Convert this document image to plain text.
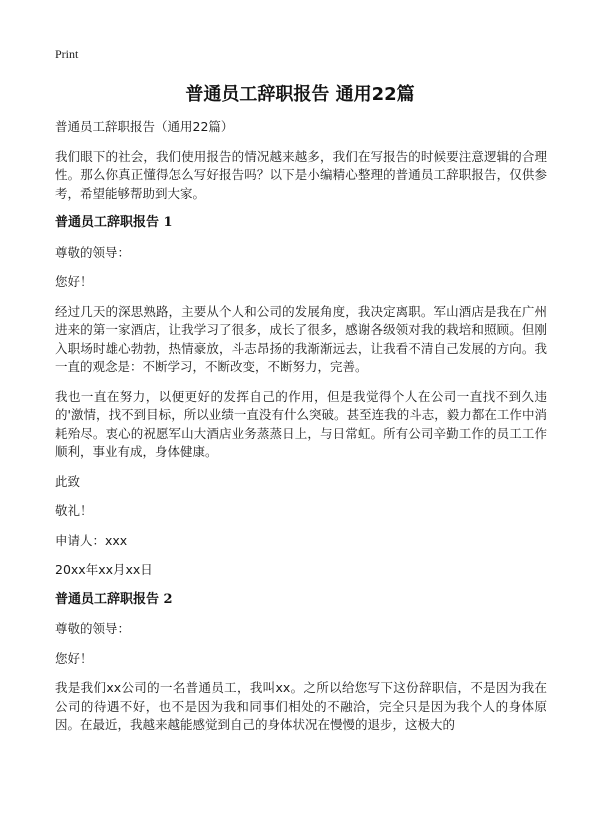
Print
普通员工辞职报告 通用22篇

普通员工辞职报告（通用22篇）

我们眼下的社会，我们使用报告的情况越来越多，我们在写报告的时候要注意逻辑的合理性。那么你真正懂得怎么写好报告吗？以下是小编精心整理的普通员工辞职报告，仅供参考，希望能够帮助到大家。

普通员工辞职报告 1

尊敬的领导：

您好！

经过几天的深思熟路，主要从个人和公司的发展角度，我决定离职。军山酒店是我在广州进来的第一家酒店，让我学习了很多，成长了很多，感谢各级领对我的栽培和照顾。但刚入职场时雄心勃勃，热情豪放，斗志昂扬的我渐渐远去，让我看不清自己发展的方向。我一直的观念是：不断学习，不断改变，不断努力，完善。

我也一直在努力，以便更好的发挥自己的作用，但是我觉得个人在公司一直找不到久违的'激情，找不到目标，所以业绩一直没有什么突破。甚至连我的斗志，毅力都在工作中消耗殆尽。衷心的祝愿军山大酒店业务蒸蒸日上，与日常虹。所有公司辛勤工作的员工工作顺利，事业有成，身体健康。

此致

敬礼！

申请人：xxx

20xx年xx月xx日

普通员工辞职报告 2

尊敬的领导：

您好！

我是我们xx公司的一名普通员工，我叫xx。之所以给您写下这份辞职信，不是因为我在公司的待遇不好，也不是因为我和同事们相处的不融洽，完全只是因为我个人的身体原因。在最近，我越来越能感觉到自己的身体状况在慢慢的退步，这极大的
